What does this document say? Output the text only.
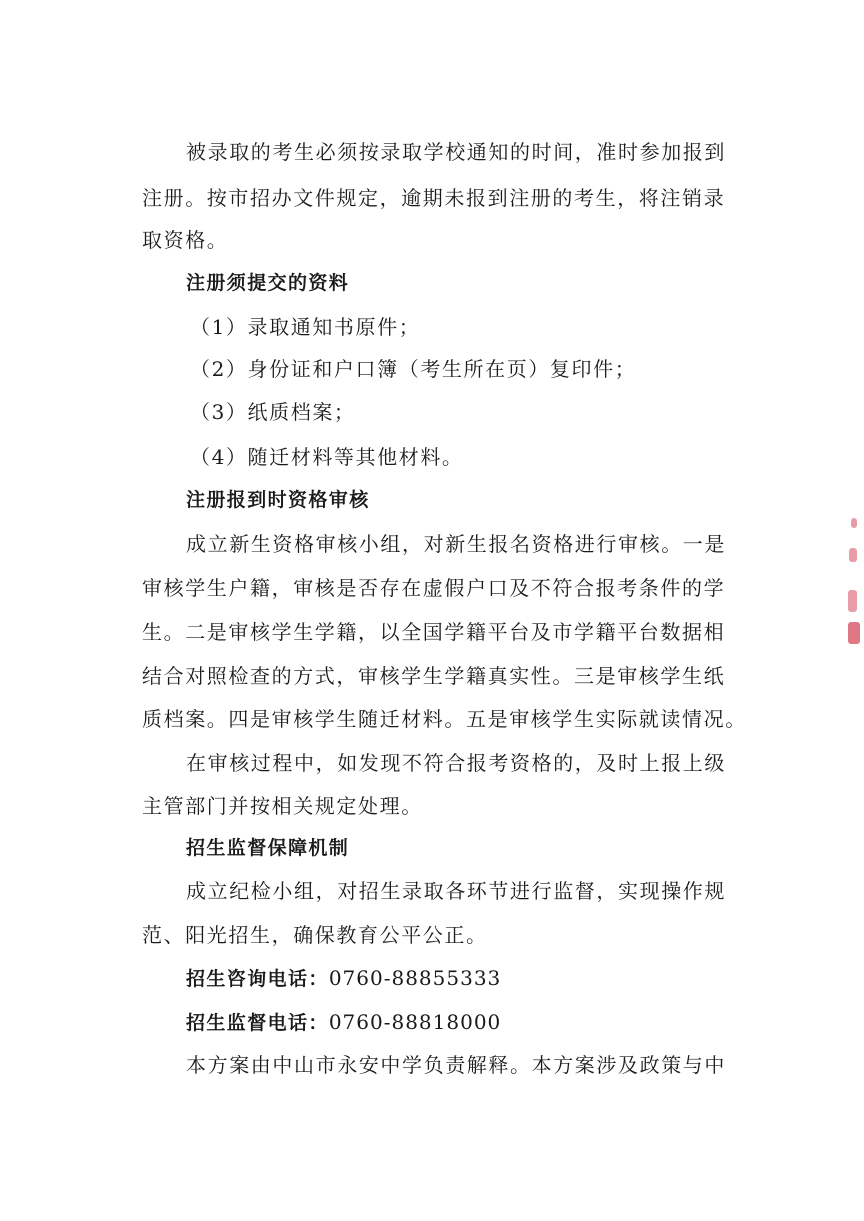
被录取的考生必须按录取学校通知的时间，准时参加报到
注册。按市招办文件规定，逾期未报到注册的考生，将注销录
取资格。
注册须提交的资料
（1）录取通知书原件；
（2）身份证和户口簿（考生所在页）复印件；
（3）纸质档案；
（4）随迁材料等其他材料。
注册报到时资格审核
成立新生资格审核小组，对新生报名资格进行审核。一是
审核学生户籍，审核是否存在虚假户口及不符合报考条件的学
生。二是审核学生学籍，以全国学籍平台及市学籍平台数据相
结合对照检查的方式，审核学生学籍真实性。三是审核学生纸
质档案。四是审核学生随迁材料。五是审核学生实际就读情况。
在审核过程中，如发现不符合报考资格的，及时上报上级
主管部门并按相关规定处理。
招生监督保障机制
成立纪检小组，对招生录取各环节进行监督，实现操作规
范、阳光招生，确保教育公平公正。
招生咨询电话：0760-88855333
招生监督电话：0760-88818000
本方案由中山市永安中学负责解释。本方案涉及政策与中
